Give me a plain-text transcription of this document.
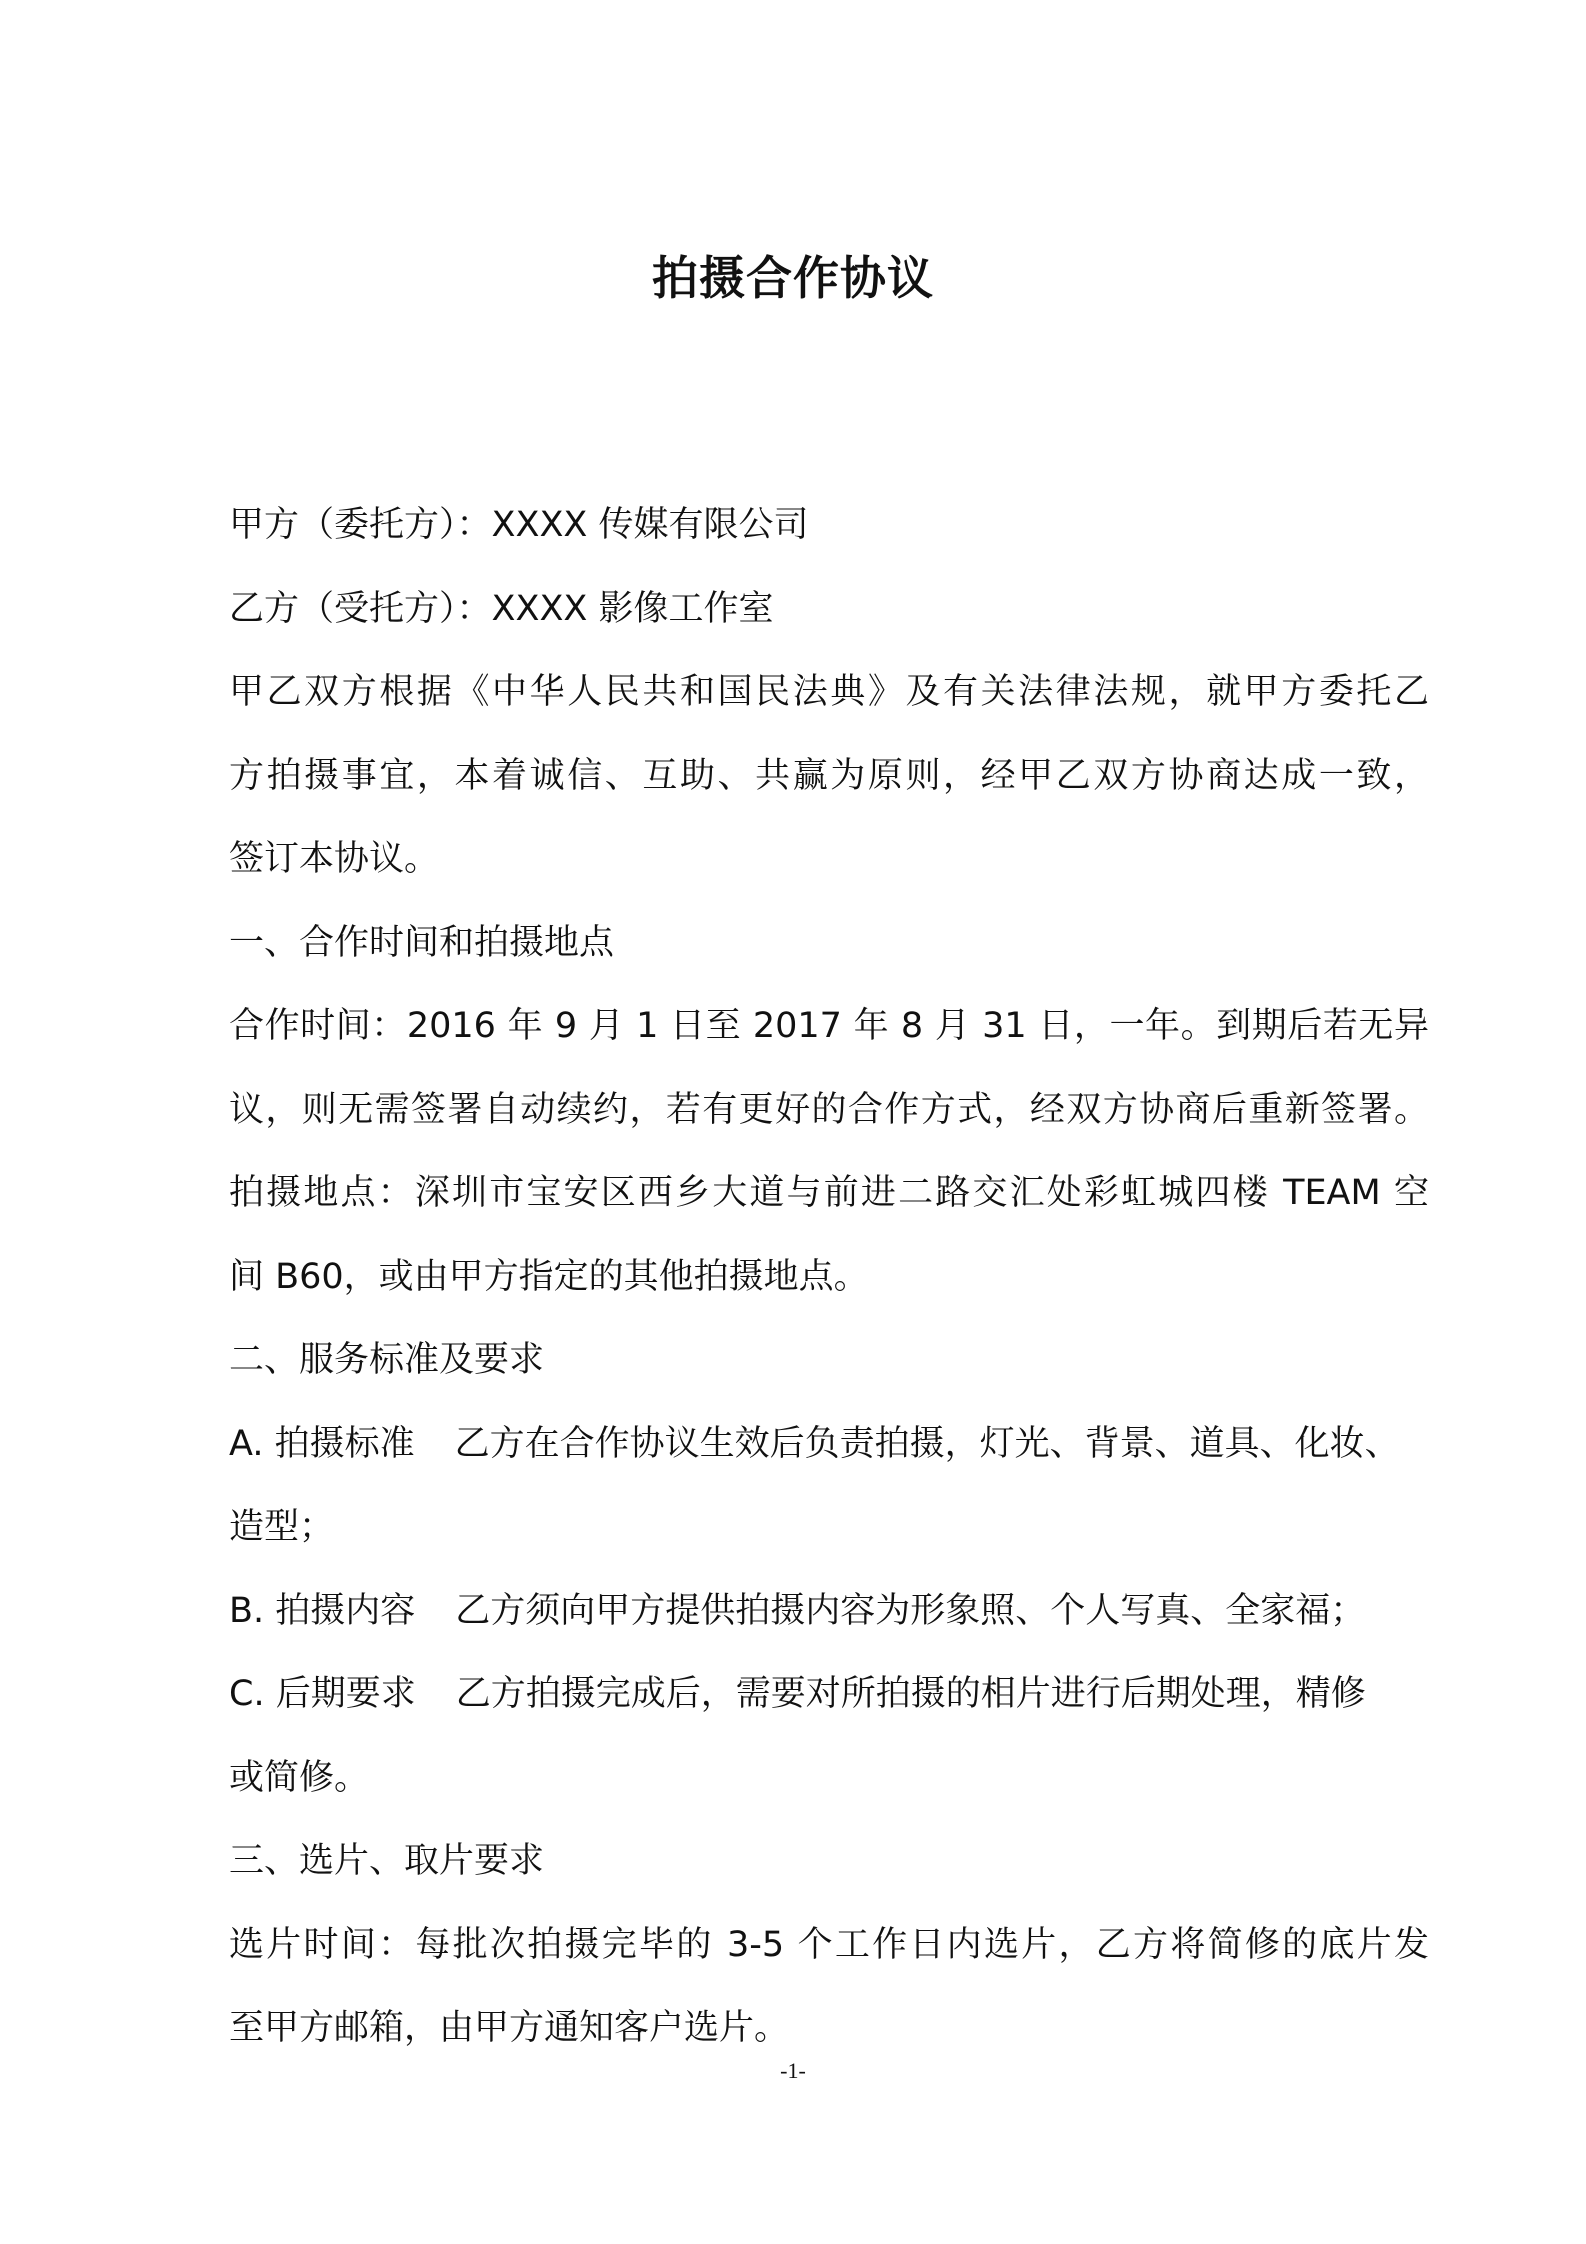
拍摄合作协议
甲方（委托方）：XXXX 传媒有限公司
乙方（受托方）：XXXX 影像工作室
甲乙双方根据《中华人民共和国民法典》及有关法律法规，就甲方委托乙
方拍摄事宜，本着诚信、互助、共赢为原则，经甲乙双方协商达成一致，
签订本协议。
一、合作时间和拍摄地点
合作时间：2016 年 9 月 1 日至 2017 年 8 月 31 日，一年。到期后若无异
议，则无需签署自动续约，若有更好的合作方式，经双方协商后重新签署。
拍摄地点：深圳市宝安区西乡大道与前进二路交汇处彩虹城四楼 TEAM 空
间 B60，或由甲方指定的其他拍摄地点。
二、服务标准及要求
A. 拍摄标准 乙方在合作协议生效后负责拍摄，灯光、背景、道具、化妆、
造型；
B. 拍摄内容 乙方须向甲方提供拍摄内容为形象照、个人写真、全家福；
C. 后期要求 乙方拍摄完成后，需要对所拍摄的相片进行后期处理，精修
或简修。
三、选片、取片要求
选片时间：每批次拍摄完毕的 3-5 个工作日内选片，乙方将简修的底片发
至甲方邮箱，由甲方通知客户选片。
-1-
